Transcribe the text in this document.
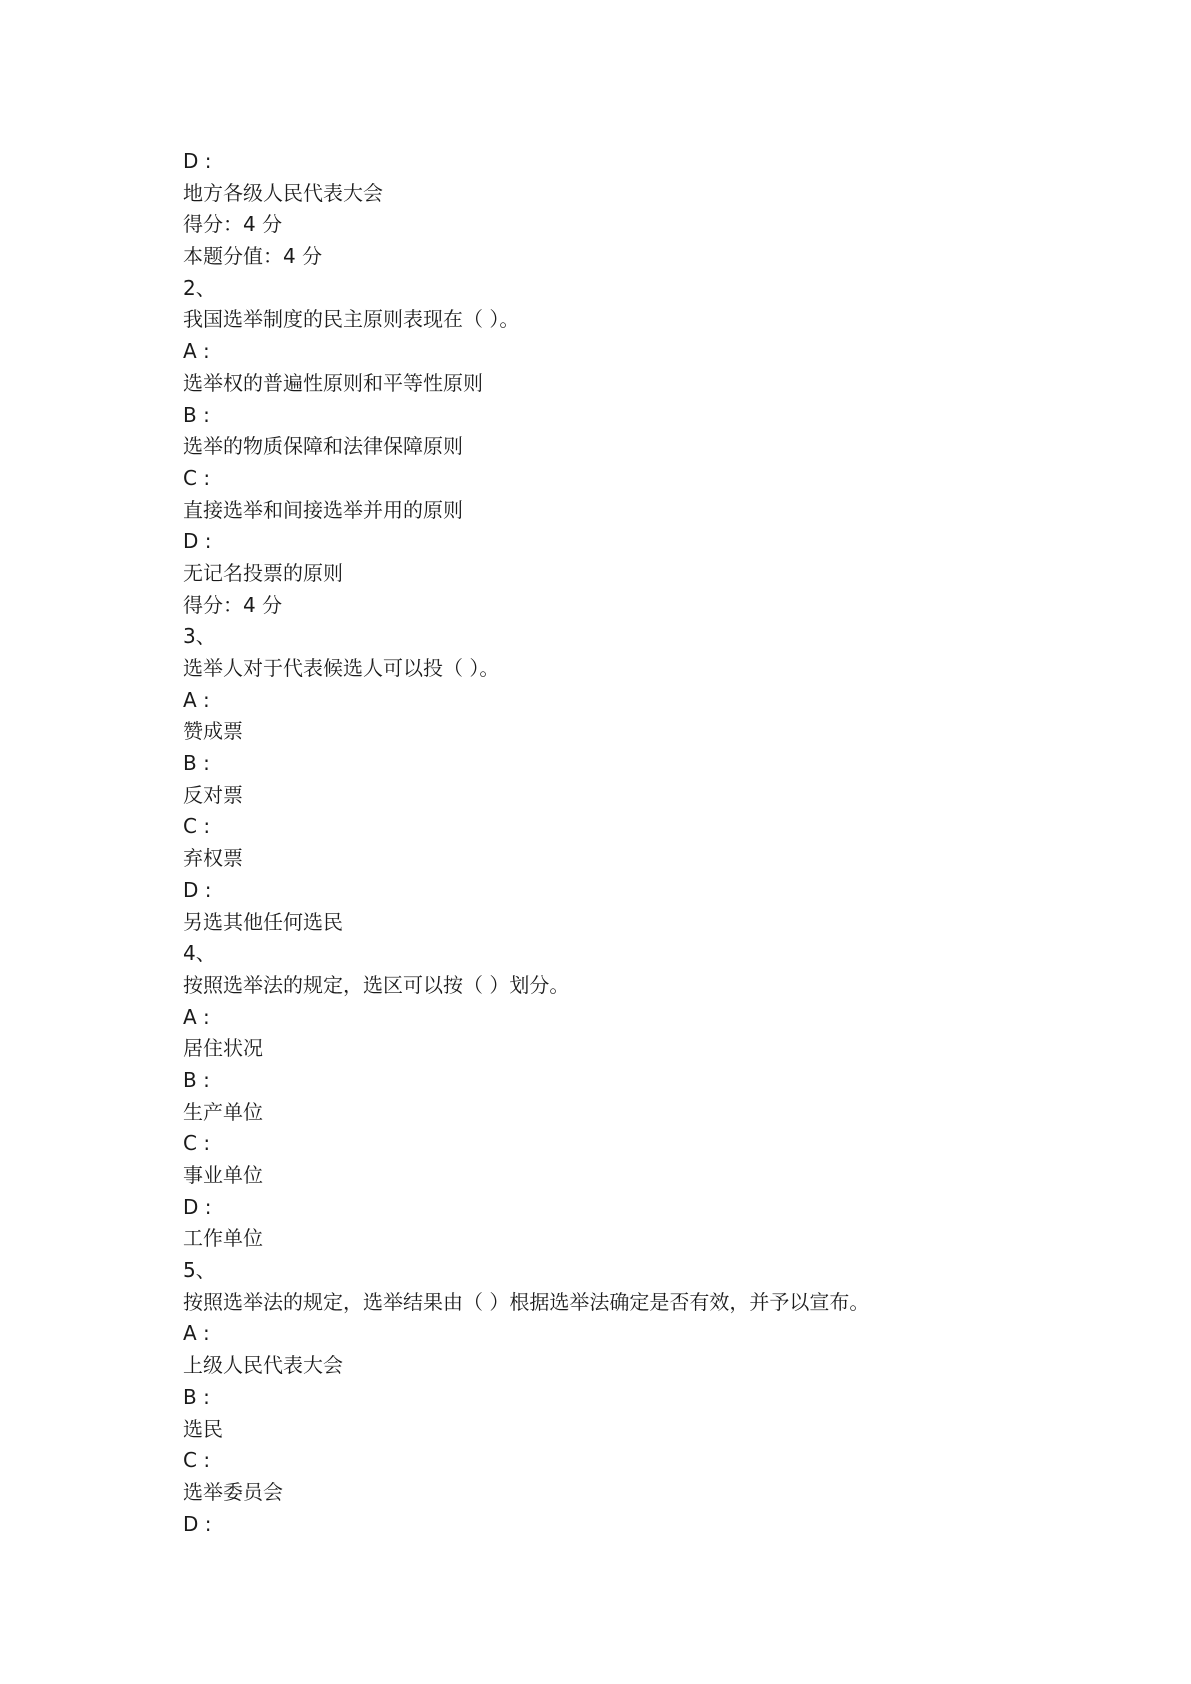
D :
地方各级人民代表大会
得分：4 分
本题分值：4 分
2、
我国选举制度的民主原则表现在（ ）。
A :
选举权的普遍性原则和平等性原则
B :
选举的物质保障和法律保障原则
C :
直接选举和间接选举并用的原则
D :
无记名投票的原则
得分：4 分
3、
选举人对于代表候选人可以投（ ）。
A :
赞成票
B :
反对票
C :
弃权票
D :
另选其他任何选民
4、
按照选举法的规定，选区可以按（ ）划分。
A :
居住状况
B :
生产单位
C :
事业单位
D :
工作单位
5、
按照选举法的规定，选举结果由（ ）根据选举法确定是否有效，并予以宣布。
A :
上级人民代表大会
B :
选民
C :
选举委员会
D :
